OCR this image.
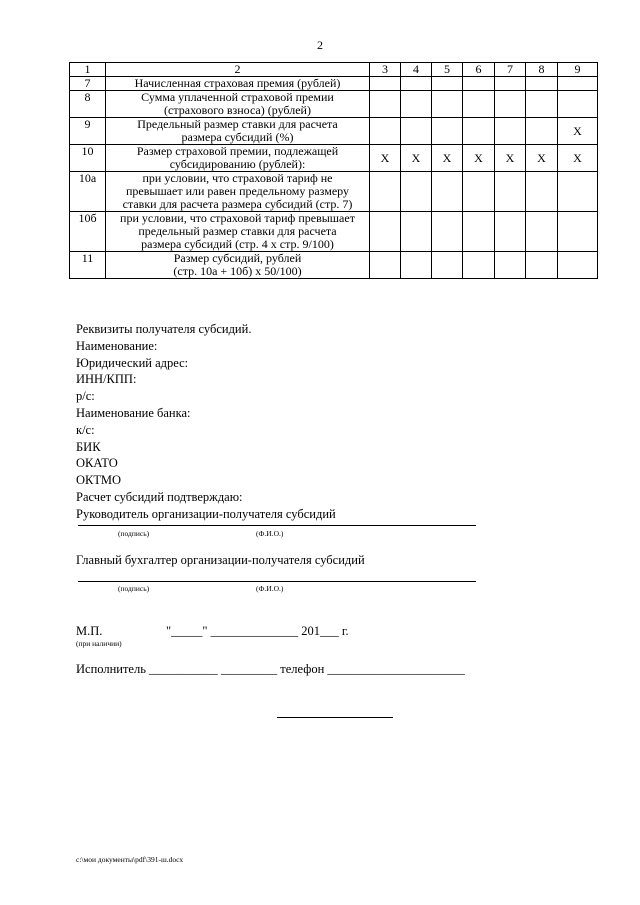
2
1	2	3	4	5	6	7	8	9
7	Начисленная страховая премия (рублей)							

8	Сумма уплаченной страховой премии
(страхового взноса) (рублей)							

9	Предельный размер ставки для расчета
размера субсидий (%)							Х
10	Размер страховой премии, подлежащей
субсидированию (рублей):	Х	Х	Х	Х	Х	Х	Х
10а	при условии, что страховой тариф не
превышает или равен предельному размеру
ставки для расчета размера субсидий (стр. 7)							

10б	при условии, что страховой тариф превышает
предельный размер ставки для расчета
размера субсидий (стр. 4 х стр. 9/100)							

11	Размер субсидий, рублей
(стр. 10а + 10б) х 50/100)							

Реквизиты получателя субсидий.
Наименование:
Юридический адрес:
ИНН/КПП:
р/с:
Наименование банка:
к/с:
БИК
ОКАТО
ОКТМО
Расчет субсидий подтверждаю:
Руководитель организации-получателя субсидий
(подпись)	(Ф.И.О.)
Главный бухгалтер организации-получателя субсидий
(подпись)	(Ф.И.О.)
М.П.
(при наличии)
"_____" ______________ 201___ г.
Исполнитель ___________ _________ телефон ______________________
c:\мои документы\pdf\391-ш.docx
